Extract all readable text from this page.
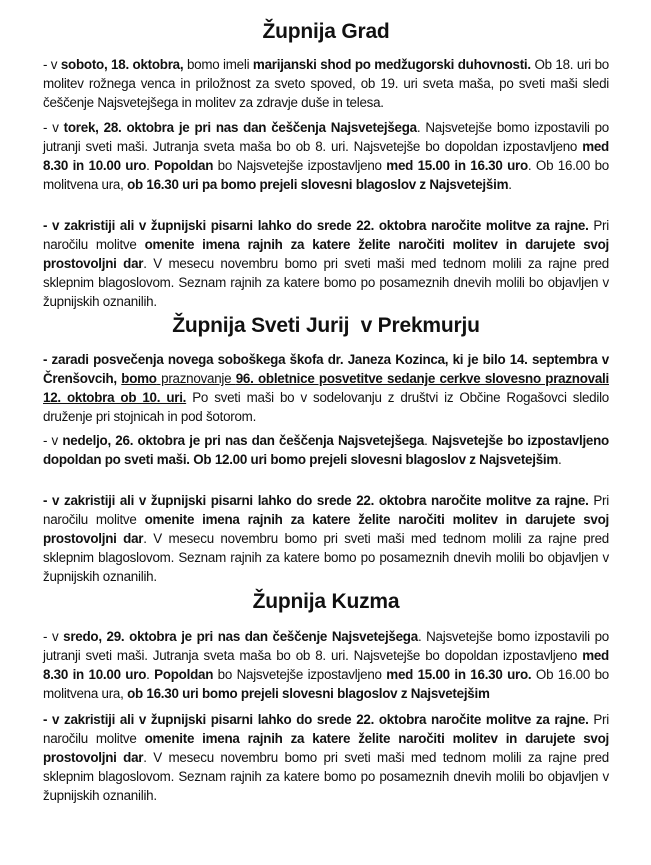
Župnija Grad

- v soboto, 18. oktobra, bomo imeli marijanski shod po medžugorski duhovnosti. Ob 18. uri bo molitev rožnega venca in priložnost za sveto spoved, ob 19. uri sveta maša, po sveti maši sledi češčenje Najsvetejšega in molitev za zdravje duše in telesa.

- v torek, 28. oktobra je pri nas dan češčenja Najsvetejšega. Najsvetejše bomo izpostavili po jutranji sveti maši. Jutranja sveta maša bo ob 8. uri. Najsvetejše bo dopoldan izpostavljeno med 8.30 in 10.00 uro. Popoldan bo Najsvetejše izpostavljeno med 15.00 in 16.30 uro. Ob 16.00 bo molitvena ura, ob 16.30 uri pa bomo prejeli slovesni blagoslov z Najsvetejšim.

- v zakristiji ali v župnijski pisarni lahko do srede 22. oktobra naročite molitve za rajne. Pri naročilu molitve omenite imena rajnih za katere želite naročiti molitev in darujete svoj prostovoljni dar. V mesecu novembru bomo pri sveti maši med tednom molili za rajne pred sklepnim blagoslovom. Seznam rajnih za katere bomo po posameznih dnevih molili bo objavljen v župnijskih oznanilih.

Župnija Sveti Jurij  v Prekmurju

- zaradi posvečenja novega soboškega škofa dr. Janeza Kozinca, ki je bilo 14. septembra v Črenšovcih, bomo praznovanje 96. obletnice posvetitve sedanje cerkve slovesno praznovali 12. oktobra ob 10. uri. Po sveti maši bo v sodelovanju z društvi iz Občine Rogašovci sledilo druženje pri stojnicah in pod šotorom.

- v nedeljo, 26. oktobra je pri nas dan češčenja Najsvetejšega. Najsvetejše bo izpostavljeno dopoldan po sveti maši. Ob 12.00 uri bomo prejeli slovesni blagoslov z Najsvetejšim.

- v zakristiji ali v župnijski pisarni lahko do srede 22. oktobra naročite molitve za rajne. Pri naročilu molitve omenite imena rajnih za katere želite naročiti molitev in darujete svoj prostovoljni dar. V mesecu novembru bomo pri sveti maši med tednom molili za rajne pred sklepnim blagoslovom. Seznam rajnih za katere bomo po posameznih dnevih molili bo objavljen v župnijskih oznanilih.

Župnija Kuzma

- v sredo, 29. oktobra je pri nas dan češčenje Najsvetejšega. Najsvetejše bomo izpostavili po jutranji sveti maši. Jutranja sveta maša bo ob 8. uri. Najsvetejše bo dopoldan izpostavljeno med 8.30 in 10.00 uro. Popoldan bo Najsvetejše izpostavljeno med 15.00 in 16.30 uro. Ob 16.00 bo molitvena ura, ob 16.30 uri bomo prejeli slovesni blagoslov z Najsvetejšim

- v zakristiji ali v župnijski pisarni lahko do srede 22. oktobra naročite molitve za rajne. Pri naročilu molitve omenite imena rajnih za katere želite naročiti molitev in darujete svoj prostovoljni dar. V mesecu novembru bomo pri sveti maši med tednom molili za rajne pred sklepnim blagoslovom. Seznam rajnih za katere bomo po posameznih dnevih molili bo objavljen v župnijskih oznanilih.
